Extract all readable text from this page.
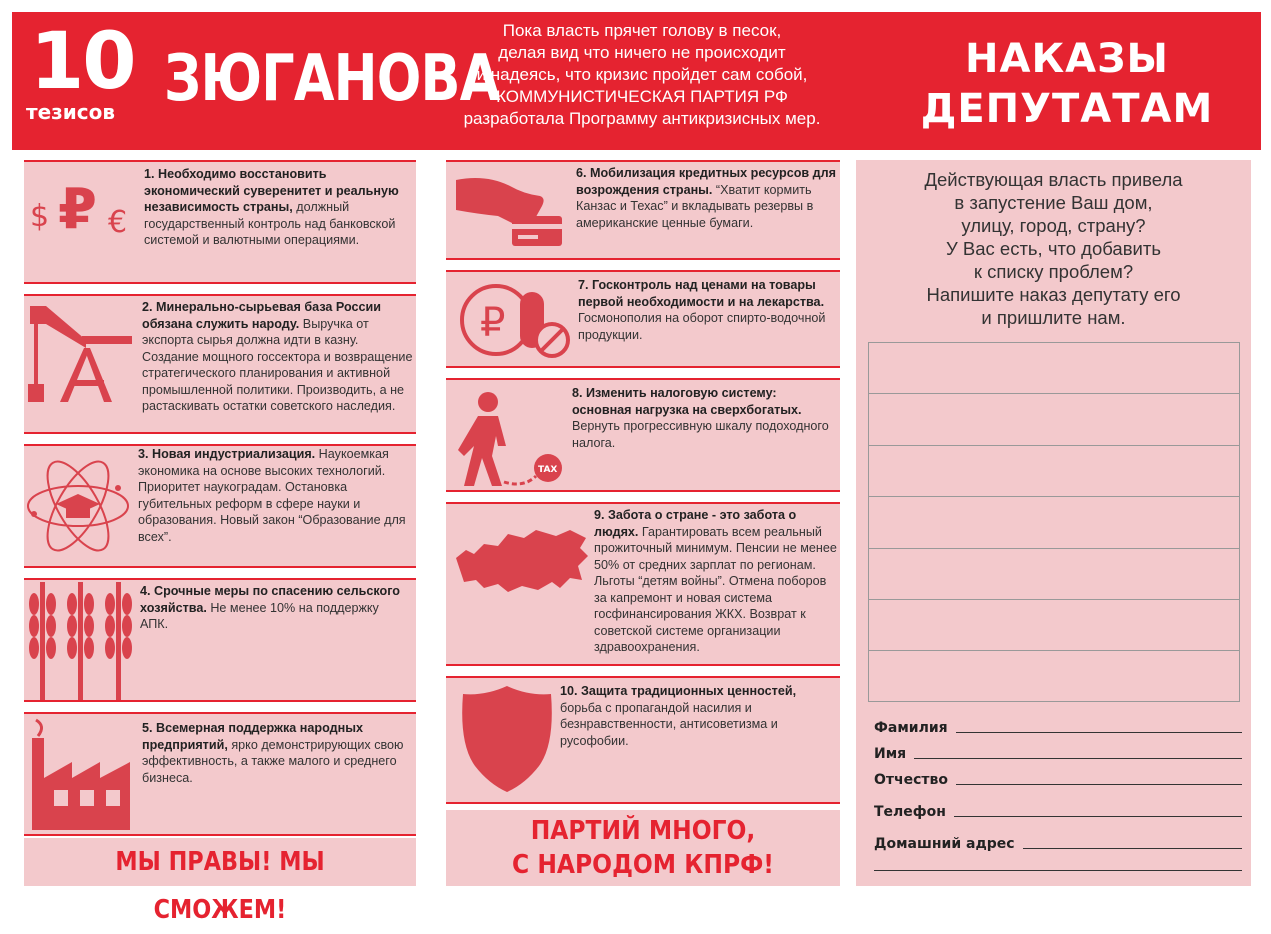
10
тезисов ЗЮГАНОВА
Пока власть прячет голову в песок,
делая вид что ничего не происходит
и надеясь, что кризис пройдет сам собой,
КОММУНИСТИЧЕСКАЯ ПАРТИЯ РФ
разработала Программу антикризисных мер.
НАКАЗЫ
ДЕПУТАТАМ
$ ₽ €
1. Необходимо восстановить экономический суверенитет и реальную независимость страны, должный государственный контроль над банковской системой и валютными операциями.
2. Минерально-сырьевая база России обязана служить народу. Выручка от экспорта сырья должна идти в казну. Создание мощного госсектора и возвращение стратегического планирования и активной промышленной политики. Производить, а не растаскивать остатки советского наследия.
3. Новая индустриализация. Наукоемкая экономика на основе высоких технологий. Приоритет наукоградам. Остановка губительных реформ в сфере науки и образования. Новый закон “Образование для всех”.
4. Срочные меры по спасению сельского хозяйства. Не менее 10% на поддержку АПК.
5. Всемерная поддержка народных предприятий, ярко демонстрирующих свою эффективность, а также малого и среднего бизнеса.
МЫ ПРАВЫ! МЫ СМОЖЕМ!
6. Мобилизация кредитных ресурсов для возрождения страны. “Хватит кормить Канзас и Техас” и вкладывать резервы в американские ценные бумаги.
₽
7. Госконтроль над ценами на товары первой необходимости и на лекарства. Госмонополия на оборот спирто-водочной продукции.
TAX
8. Изменить налоговую систему: основная нагрузка на сверхбогатых. Вернуть прогрессивную шкалу подоходного налога.
9. Забота о стране - это забота о людях. Гарантировать всем реальный прожиточный минимум. Пенсии не менее 50% от средних зарплат по регионам. Льготы “детям войны”. Отмена поборов за капремонт и новая система госфинансирования ЖКХ. Возврат к советской системе организации здравоохранения.
10. Защита традиционных ценностей, борьба с пропагандой насилия и безнравственности, антисоветизма и русофобии.
ПАРТИЙ МНОГО,
С НАРОДОМ КПРФ!
Действующая власть привела
в запустение Ваш дом,
улицу, город, страну?
У Вас есть, что добавить
к списку проблем?
Напишите наказ депутату его
и пришлите нам.
Фамилия
Имя
Отчество
Телефон
Домашний адрес
